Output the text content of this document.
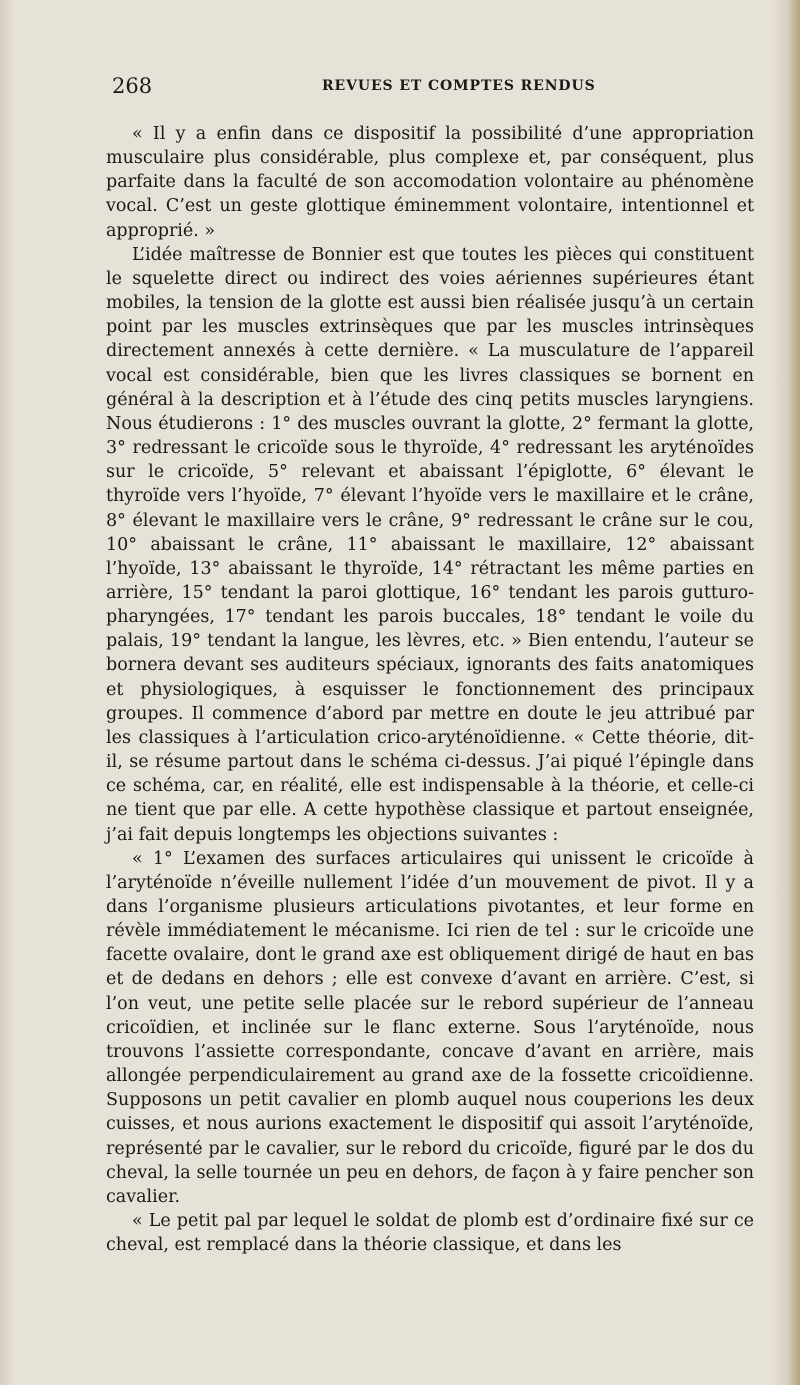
268	REVUES ET COMPTES RENDUS

« Il y a enfin dans ce dispositif la possibilité d’une appropriation musculaire plus considérable, plus complexe et, par conséquent, plus parfaite dans la faculté de son accomodation volontaire au phénomène vocal. C’est un geste glottique éminemment volontaire, intentionnel et approprié. »

L’idée maîtresse de Bonnier est que toutes les pièces qui constituent le squelette direct ou indirect des voies aériennes supérieures étant mobiles, la tension de la glotte est aussi bien réalisée jusqu’à un certain point par les muscles extrinsèques que par les muscles intrinsèques directement annexés à cette dernière. « La musculature de l’appareil vocal est considérable, bien que les livres classiques se bornent en général à la description et à l’étude des cinq petits muscles laryngiens. Nous étudierons : 1° des muscles ouvrant la glotte, 2° fermant la glotte, 3° redressant le cricoïde sous le thyroïde, 4° redressant les aryténoïdes sur le cricoïde, 5° relevant et abaissant l’épiglotte, 6° élevant le thyroïde vers l’hyoïde, 7° élevant l’hyoïde vers le maxillaire et le crâne, 8° élevant le maxillaire vers le crâne, 9° redressant le crâne sur le cou, 10° abaissant le crâne, 11° abaissant le maxillaire, 12° abaissant l’hyoïde, 13° abaissant le thyroïde, 14° rétractant les même parties en arrière, 15° tendant la paroi glottique, 16° tendant les parois gutturo-pharyngées, 17° tendant les parois buccales, 18° tendant le voile du palais, 19° tendant la langue, les lèvres, etc. » Bien entendu, l’auteur se bornera devant ses auditeurs spéciaux, ignorants des faits anatomiques et physiologiques, à esquisser le fonctionnement des principaux groupes. Il commence d’abord par mettre en doute le jeu attribué par les classiques à l’articulation crico-aryténoïdienne. « Cette théorie, dit-il, se résume partout dans le schéma ci-dessus. J’ai piqué l’épingle dans ce schéma, car, en réalité, elle est indispensable à la théorie, et celle-ci ne tient que par elle. A cette hypothèse classique et partout enseignée, j’ai fait depuis longtemps les objections suivantes :

« 1° L’examen des surfaces articulaires qui unissent le cricoïde à l’aryténoïde n’éveille nullement l’idée d’un mouvement de pivot. Il y a dans l’organisme plusieurs articulations pivotantes, et leur forme en révèle immédiatement le mécanisme. Ici rien de tel : sur le cricoïde une facette ovalaire, dont le grand axe est obliquement dirigé de haut en bas et de dedans en dehors ; elle est convexe d’avant en arrière. C’est, si l’on veut, une petite selle placée sur le rebord supérieur de l’anneau cricoïdien, et inclinée sur le flanc externe. Sous l’aryténoïde, nous trouvons l’assiette correspondante, concave d’avant en arrière, mais allongée perpendiculairement au grand axe de la fossette cricoïdienne. Supposons un petit cavalier en plomb auquel nous couperions les deux cuisses, et nous aurions exactement le dispositif qui assoit l’aryténoïde, représenté par le cavalier, sur le rebord du cricoïde, figuré par le dos du cheval, la selle tournée un peu en dehors, de façon à y faire pencher son cavalier.

« Le petit pal par lequel le soldat de plomb est d’ordinaire fixé sur ce cheval, est remplacé dans la théorie classique, et dans les
